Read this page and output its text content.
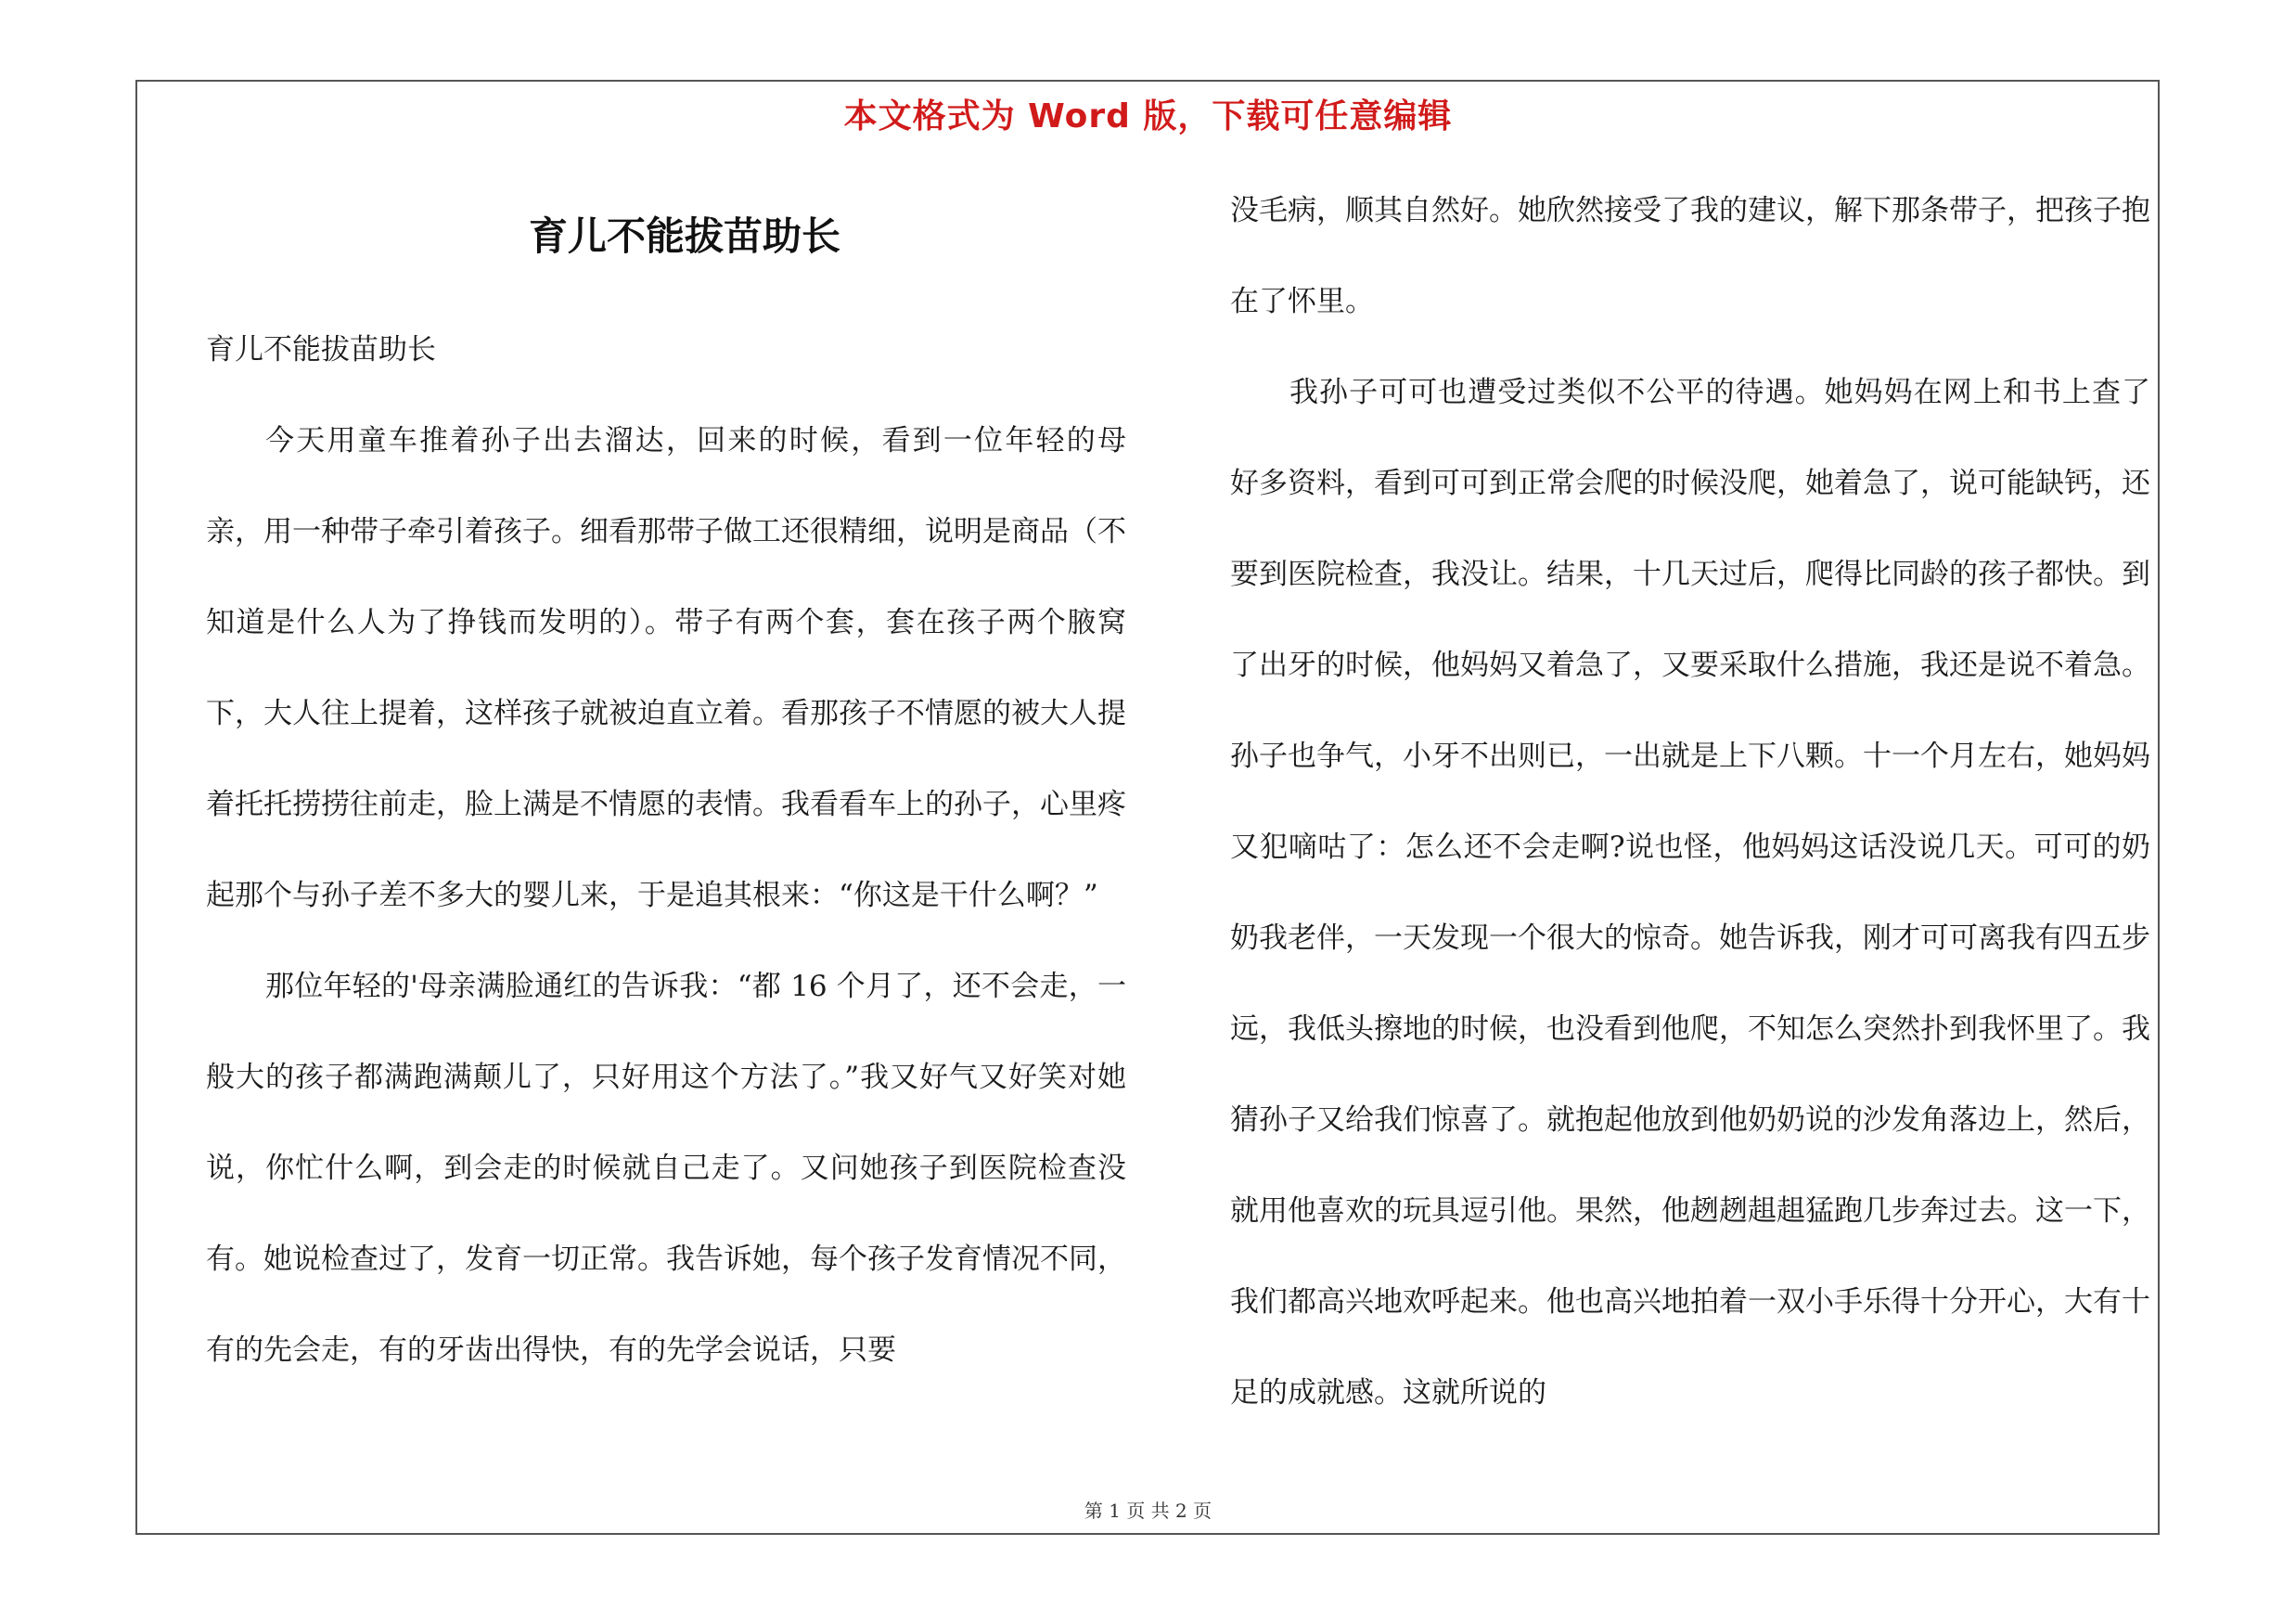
本文格式为 Word 版，下载可任意编辑
育儿不能拔苗助长

育儿不能拔苗助长

今天用童车推着孙子出去溜达，回来的时候，看到一位年轻的母亲，用一种带子牵引着孩子。细看那带子做工还很精细，说明是商品（不知道是什么人为了挣钱而发明的）。带子有两个套，套在孩子两个腋窝下，大人往上提着，这样孩子就被迫直立着。看那孩子不情愿的被大人提着托托捞捞往前走，脸上满是不情愿的表情。我看看车上的孙子，心里疼起那个与孙子差不多大的婴儿来，于是追其根来：“你这是干什么啊？”

那位年轻的'母亲满脸通红的告诉我：“都 16 个月了，还不会走，一般大的孩子都满跑满颠儿了，只好用这个方法了。”我又好气又好笑对她说，你忙什么啊，到会走的时候就自己走了。又问她孩子到医院检查没有。她说检查过了，发育一切正常。我告诉她，每个孩子发育情况不同，有的先会走，有的牙齿出得快，有的先学会说话，只要

没毛病，顺其自然好。她欣然接受了我的建议，解下那条带子，把孩子抱在了怀里。

我孙子可可也遭受过类似不公平的待遇。她妈妈在网上和书上查了好多资料，看到可可到正常会爬的时候没爬，她着急了，说可能缺钙，还要到医院检查，我没让。结果，十几天过后，爬得比同龄的孩子都快。到了出牙的时候，他妈妈又着急了，又要采取什么措施，我还是说不着急。孙子也争气，小牙不出则已，一出就是上下八颗。十一个月左右，她妈妈又犯嘀咕了：怎么还不会走啊?说也怪，他妈妈这话没说几天。可可的奶奶我老伴，一天发现一个很大的惊奇。她告诉我，刚才可可离我有四五步远，我低头擦地的时候，也没看到他爬，不知怎么突然扑到我怀里了。我猜孙子又给我们惊喜了。就抱起他放到他奶奶说的沙发角落边上，然后，就用他喜欢的玩具逗引他。果然，他趔趔趄趄猛跑几步奔过去。这一下，我们都高兴地欢呼起来。他也高兴地拍着一双小手乐得十分开心，大有十足的成就感。这就所说的

第 1 页 共 2 页
